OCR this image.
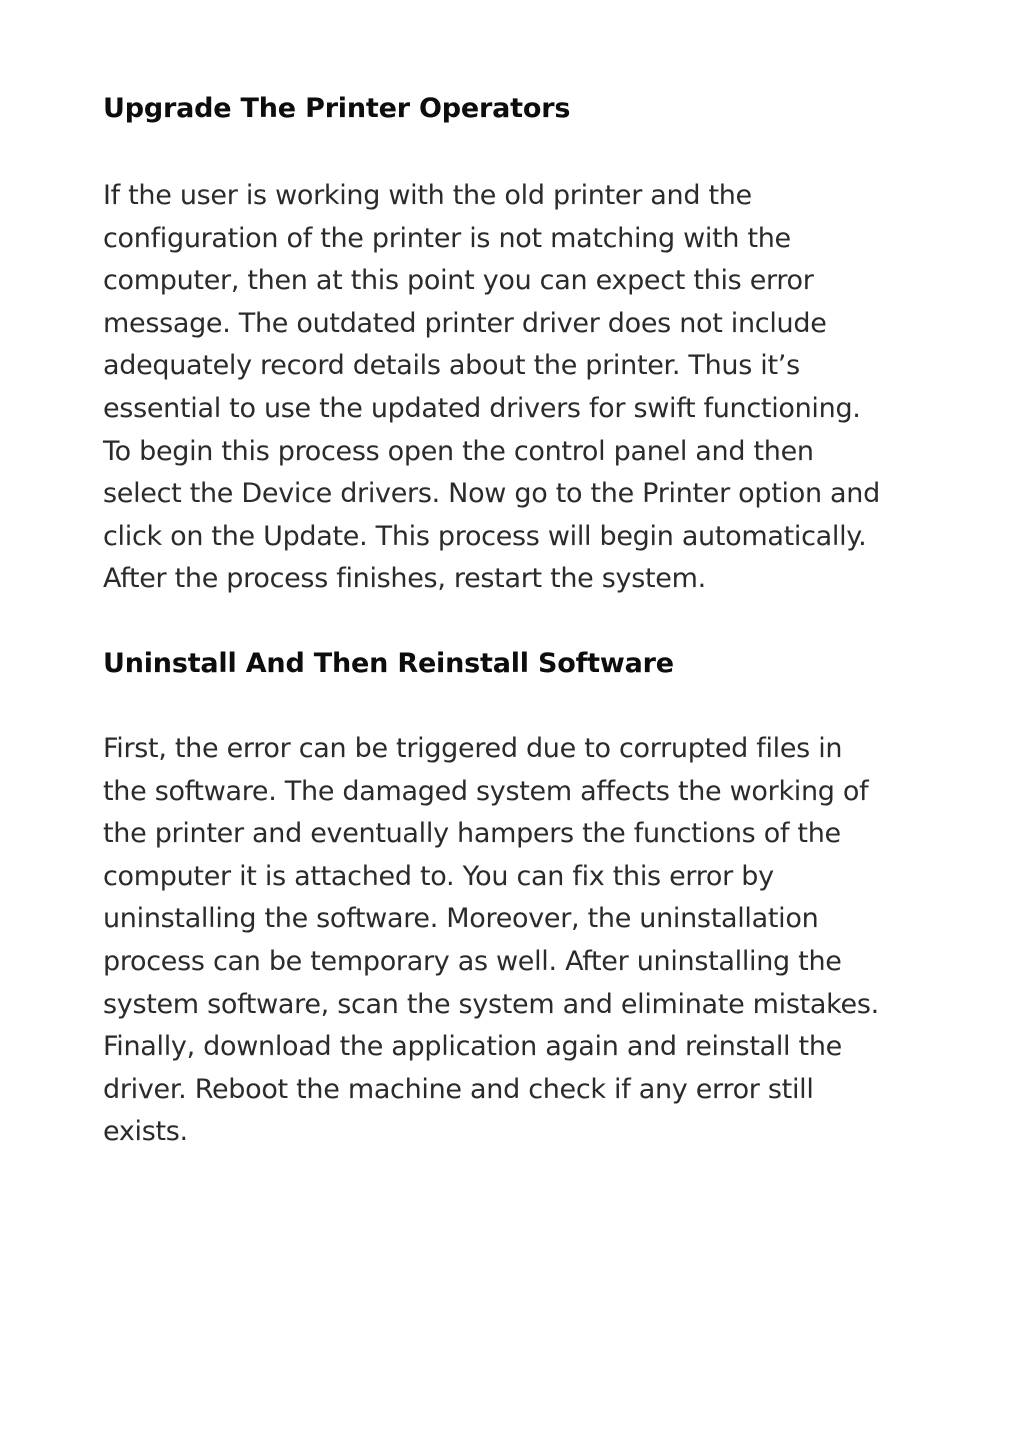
Upgrade The Printer Operators

If the user is working with the old printer and the
configuration of the printer is not matching with the
computer, then at this point you can expect this error
message. The outdated printer driver does not include
adequately record details about the printer. Thus it’s
essential to use the updated drivers for swift functioning.
To begin this process open the control panel and then
select the Device drivers. Now go to the Printer option and
click on the Update. This process will begin automatically.
After the process finishes, restart the system.

Uninstall And Then Reinstall Software

First, the error can be triggered due to corrupted files in
the software. The damaged system affects the working of
the printer and eventually hampers the functions of the
computer it is attached to. You can fix this error by
uninstalling the software. Moreover, the uninstallation
process can be temporary as well. After uninstalling the
system software, scan the system and eliminate mistakes.
Finally, download the application again and reinstall the
driver. Reboot the machine and check if any error still
exists.
